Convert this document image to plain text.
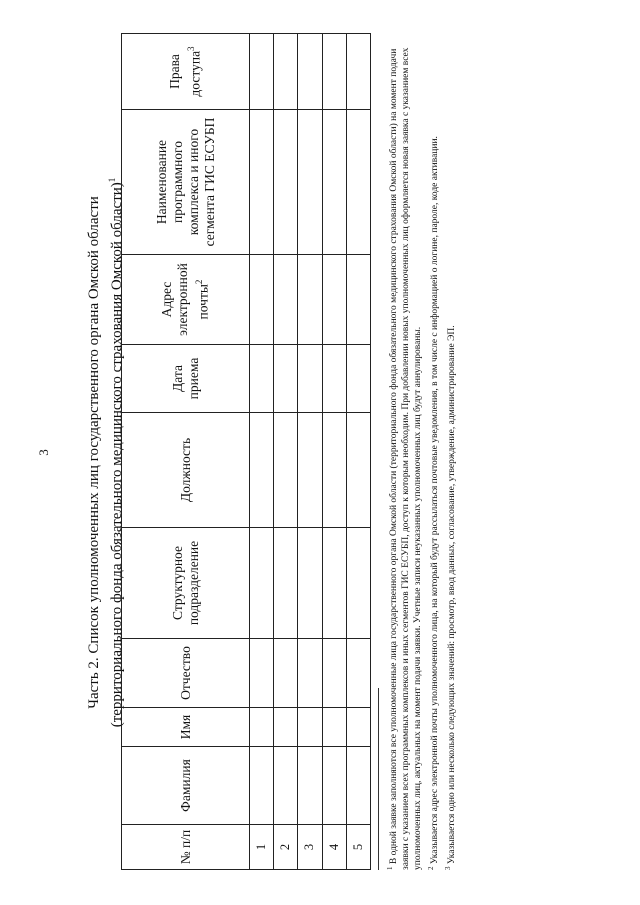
3 Часть 2. Список уполномоченных лиц государственного органа Омской области (территориального фонда обязательного медицинского страхования Омской области)$^1$
№ п/п	Фамилия	Имя	Отчество	Структурное подразделение	Должность	Дата приема	Адрес электронной почты$^2$	Наименование программного комплекса и иного сегмента ГИС ЕСУБП	Права доступа$^3$
1									
2									
3									
4									
5									

$^1$ В одной заявке заполняются все уполномоченные лица государственного органа Омской области (территориального фонда обязательного медицинского страхования Омской области) на момент подачи заявки с указанием всех программных комплексов и иных сегментов ГИС ЕСУБП, доступ к которым необходим. При добавлении новых уполномоченных лиц оформляется новая заявка с указанием всех уполномоченных лиц, актуальных на момент подачи заявки. Учетные записи неуказанных уполномоченных лиц будут аннулированы. $^2$ Указывается адрес электронной почты уполномоченного лица, на который будут рассылаться почтовые уведомления, в том числе с информацией о логине, пароле, коде активации.

$^3$ Указывается одно или несколько следующих значений: просмотр, ввод данных, согласование, утверждение, администрирование ЭП.
